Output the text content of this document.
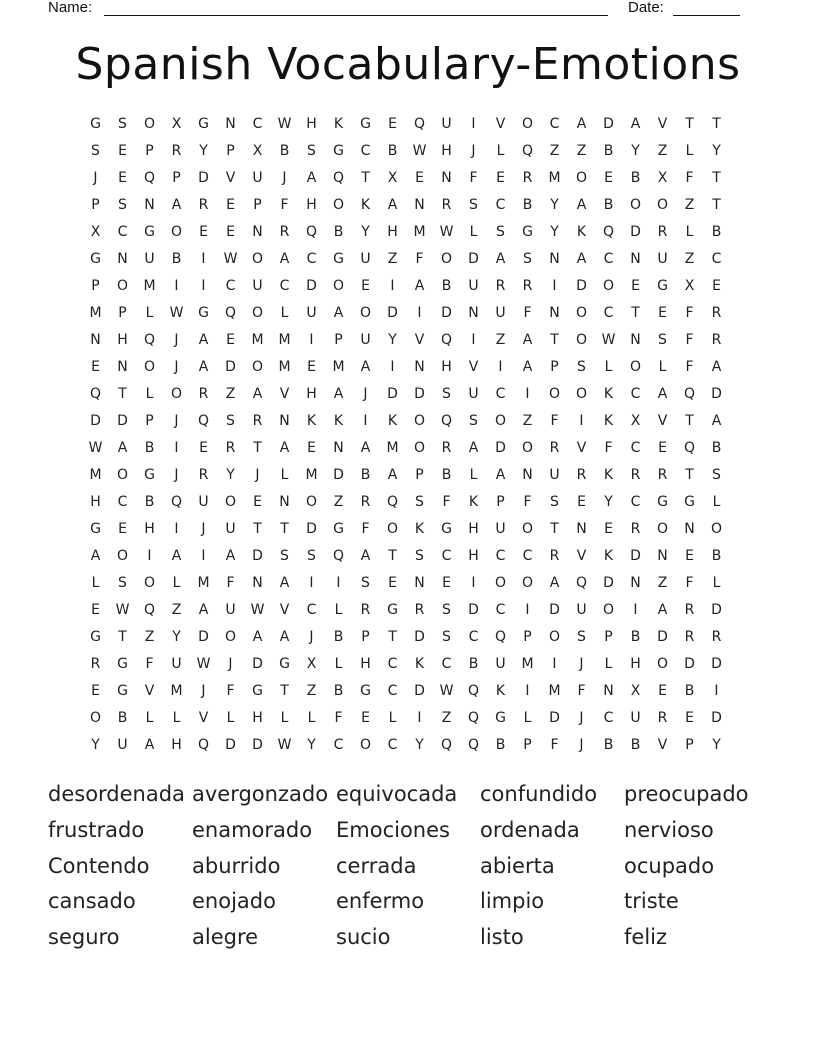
Name:	Date:
Spanish Vocabulary-Emotions
G	S	O	X	G	N	C	W	H	K	G	E	Q	U	I	V	O	C	A	D	A	V	T	T
S	E	P	R	Y	P	X	B	S	G	C	B	W	H	J	L	Q	Z	Z	B	Y	Z	L	Y
J	E	Q	P	D	V	U	J	A	Q	T	X	E	N	F	E	R	M	O	E	B	X	F	T
P	S	N	A	R	E	P	F	H	O	K	A	N	R	S	C	B	Y	A	B	O	O	Z	T
X	C	G	O	E	E	N	R	Q	B	Y	H	M	W	L	S	G	Y	K	Q	D	R	L	B
G	N	U	B	I	W	O	A	C	G	U	Z	F	O	D	A	S	N	A	C	N	U	Z	C
P	O	M	I	I	C	U	C	D	O	E	I	A	B	U	R	R	I	D	O	E	G	X	E
M	P	L	W	G	Q	O	L	U	A	O	D	I	D	N	U	F	N	O	C	T	E	F	R
N	H	Q	J	A	E	M	M	I	P	U	Y	V	Q	I	Z	A	T	O	W	N	S	F	R
E	N	O	J	A	D	O	M	E	M	A	I	N	H	V	I	A	P	S	L	O	L	F	A
Q	T	L	O	R	Z	A	V	H	A	J	D	D	S	U	C	I	O	O	K	C	A	Q	D
D	D	P	J	Q	S	R	N	K	K	I	K	O	Q	S	O	Z	F	I	K	X	V	T	A
W	A	B	I	E	R	T	A	E	N	A	M	O	R	A	D	O	R	V	F	C	E	Q	B
M	O	G	J	R	Y	J	L	M	D	B	A	P	B	L	A	N	U	R	K	R	R	T	S
H	C	B	Q	U	O	E	N	O	Z	R	Q	S	F	K	P	F	S	E	Y	C	G	G	L
G	E	H	I	J	U	T	T	D	G	F	O	K	G	H	U	O	T	N	E	R	O	N	O
A	O	I	A	I	A	D	S	S	Q	A	T	S	C	H	C	C	R	V	K	D	N	E	B
L	S	O	L	M	F	N	A	I	I	S	E	N	E	I	O	O	A	Q	D	N	Z	F	L
E	W	Q	Z	A	U	W	V	C	L	R	G	R	S	D	C	I	D	U	O	I	A	R	D
G	T	Z	Y	D	O	A	A	J	B	P	T	D	S	C	Q	P	O	S	P	B	D	R	R
R	G	F	U	W	J	D	G	X	L	H	C	K	C	B	U	M	I	J	L	H	O	D	D
E	G	V	M	J	F	G	T	Z	B	G	C	D	W	Q	K	I	M	F	N	X	E	B	I
O	B	L	L	V	L	H	L	L	F	E	L	I	Z	Q	G	L	D	J	C	U	R	E	D
Y	U	A	H	Q	D	D	W	Y	C	O	C	Y	Q	Q	B	P	F	J	B	B	V	P	Y
desordenada avergonzado equivocada	confundido	preocupado
frustrado	enamorado	Emociones	ordenada	nervioso
Contendo	aburrido	cerrada	abierta	ocupado
cansado	enojado	enfermo	limpio	triste
seguro	alegre	sucio	listo	feliz
